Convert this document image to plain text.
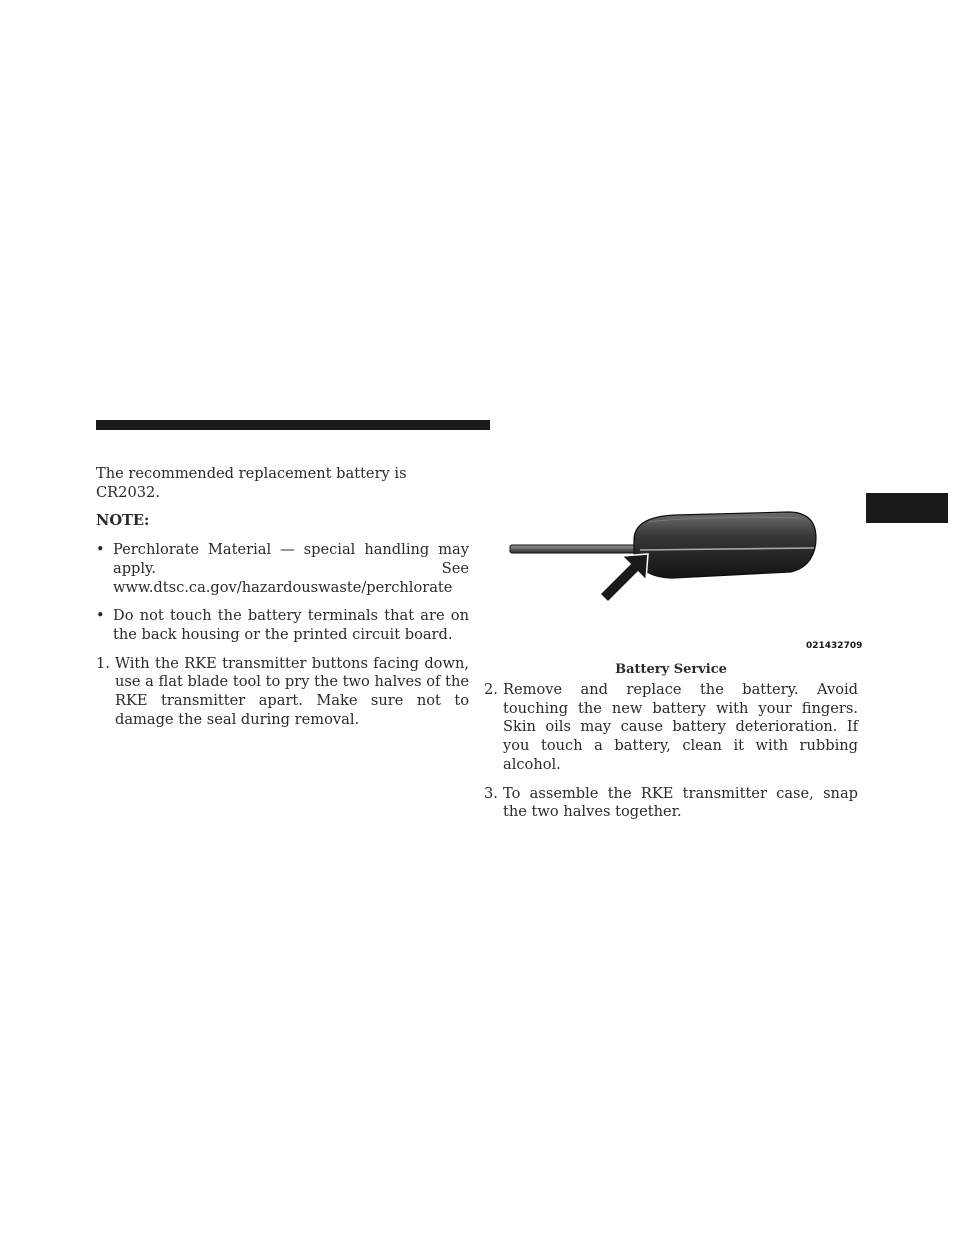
The recommended replacement battery is CR2032.

NOTE:

• Perchlorate Material — special handling may apply. See www.dtsc.ca.gov/hazardouswaste/perchlorate
• Do not touch the battery terminals that are on the back housing or the printed circuit board.
1. With the RKE transmitter buttons facing down, use a flat blade tool to pry the two halves of the RKE transmitter apart. Make sure not to damage the seal during removal.
021432709
Battery Service
2. Remove and replace the battery. Avoid touching the new battery with your fingers. Skin oils may cause battery deterioration. If you touch a battery, clean it with rubbing alcohol.
3. To assemble the RKE transmitter case, snap the two halves together.
